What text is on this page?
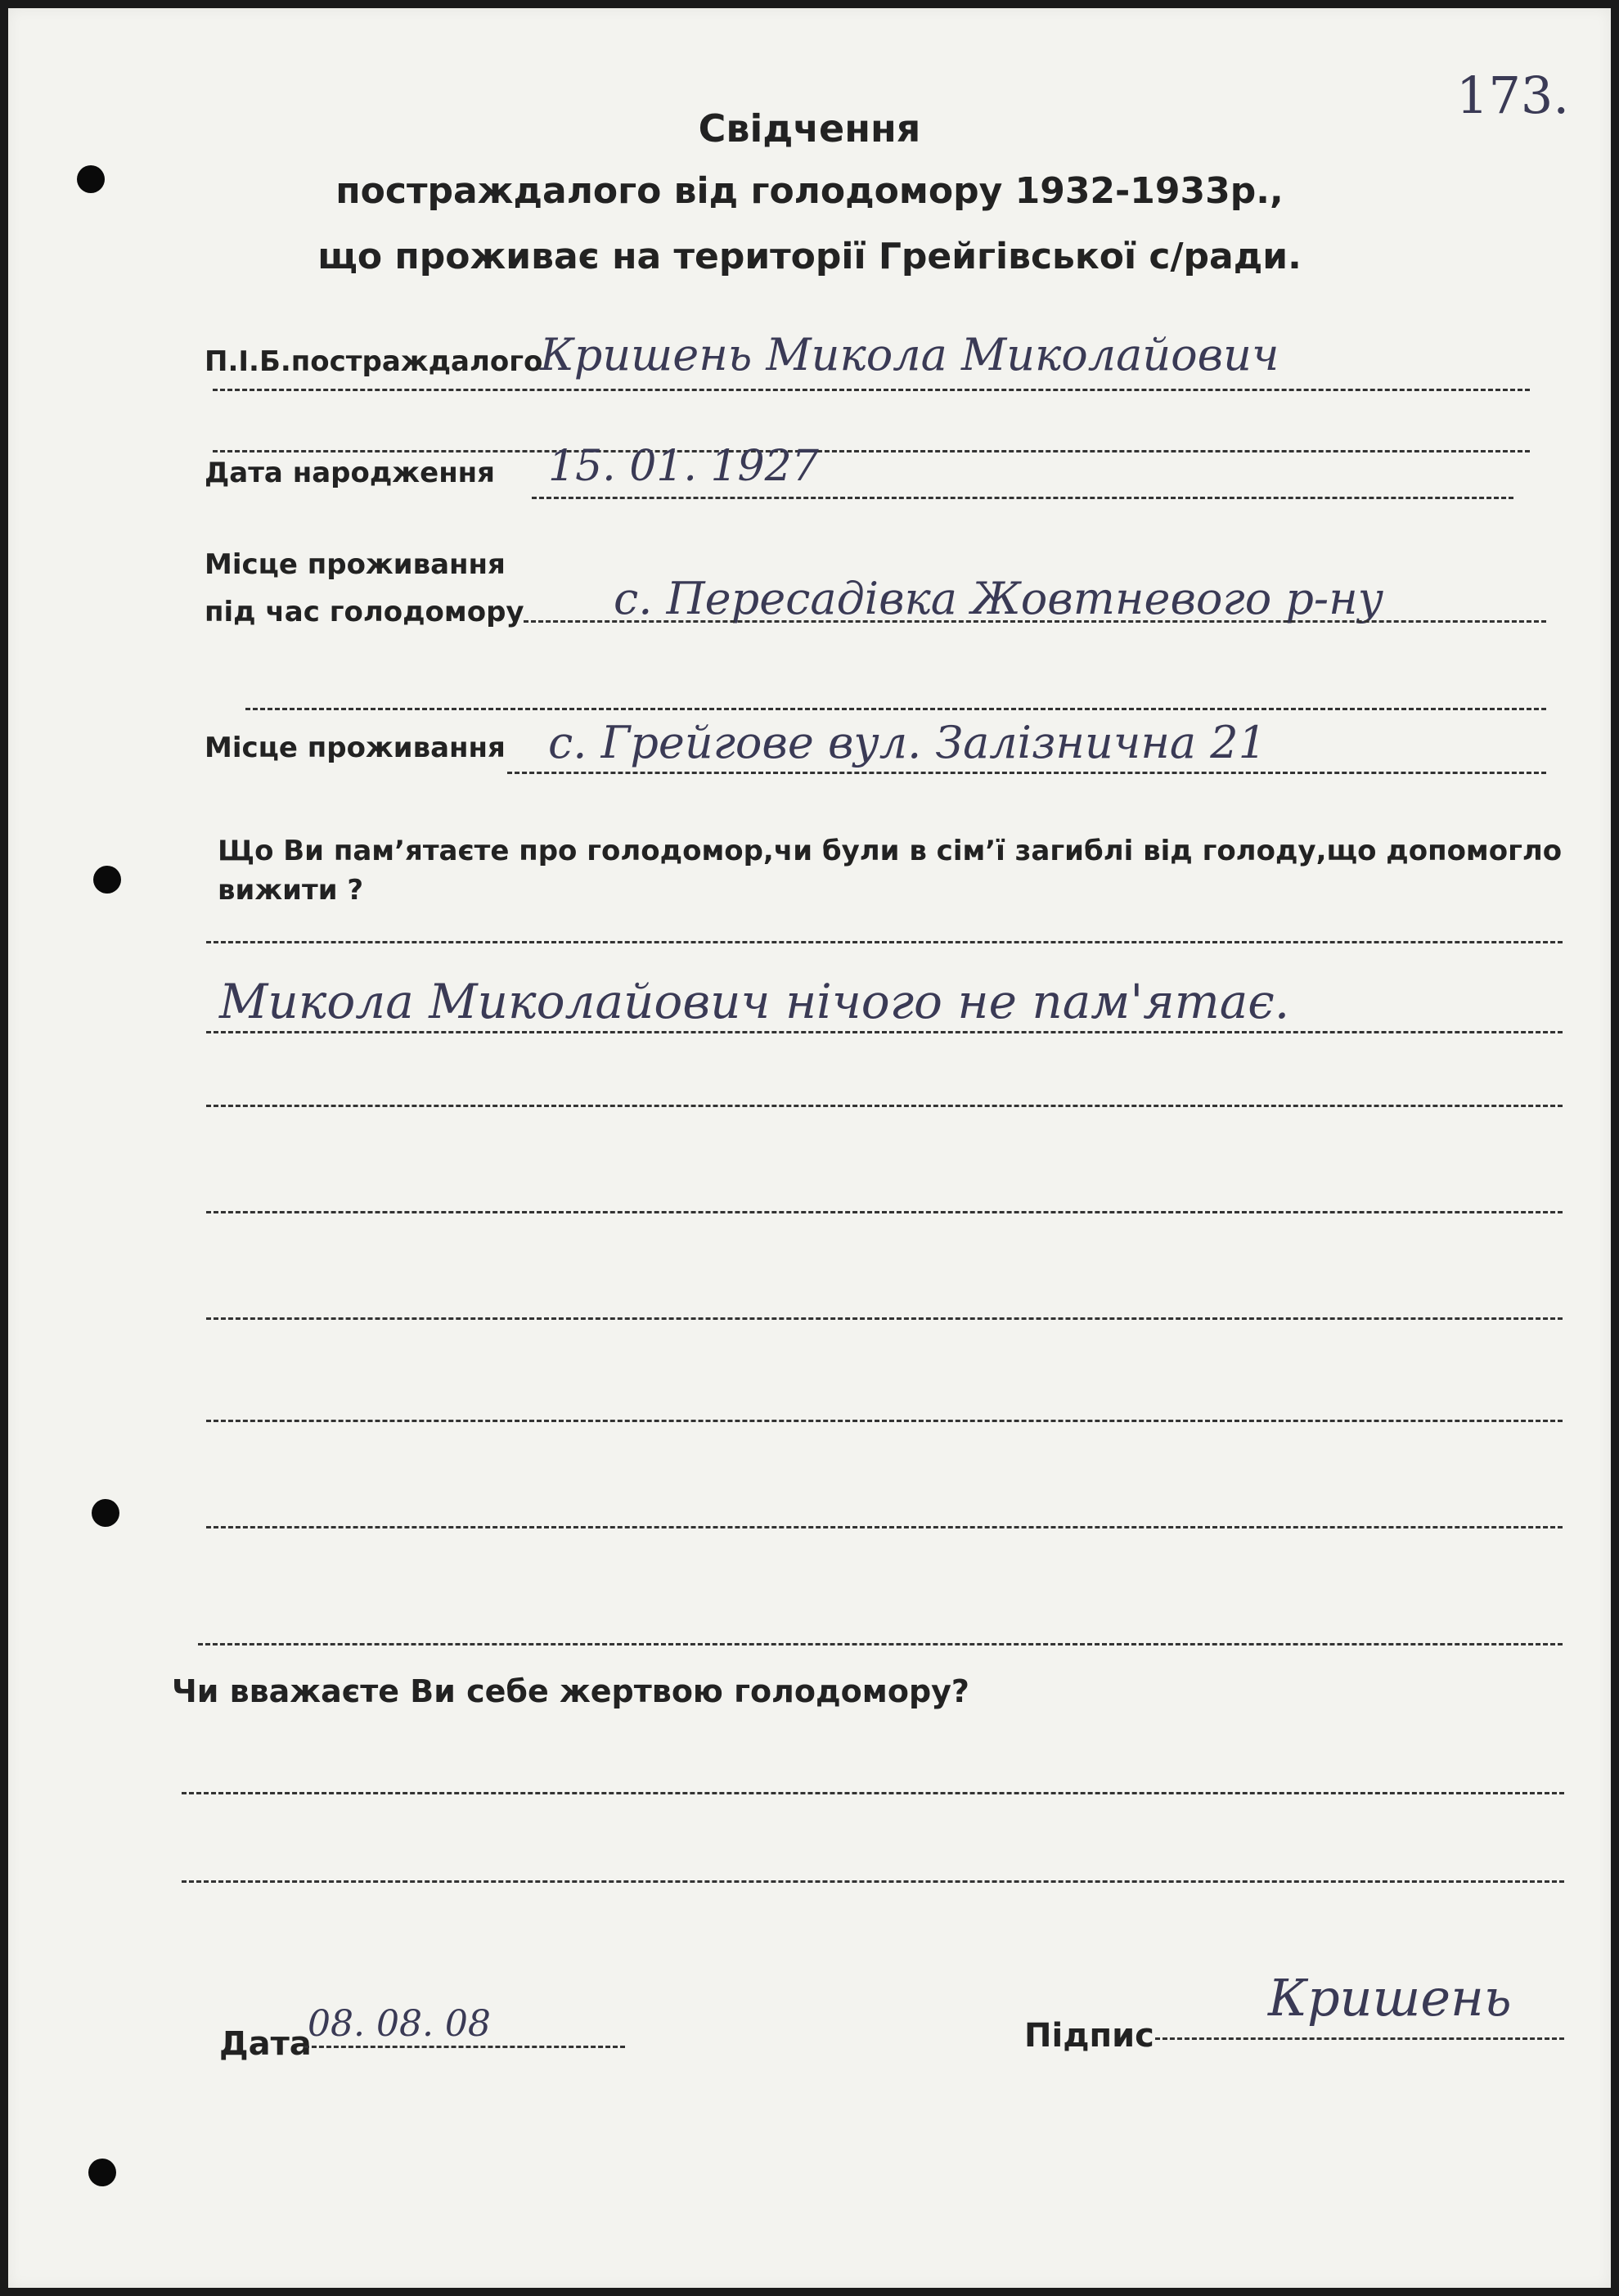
173.
Свідчення
постраждалого від голодомору 1932-1933р.,
що проживає на території Грейгівської с/ради.
П.І.Б.постраждалого
Кришень Микола Миколайович
Дата народження 15. 01. 1927
Місце проживання
під час голодомору с. Пересадівка Жовтневого р-ну
Місце проживання с. Грейгове вул. Залізнична 21
Що Ви пам’ятаєте про голодомор,чи були в сім’ї загиблі від голоду,що допомогло
вижити ?
Микола Миколайович нічого не пам'ятає.
Чи вважаєте Ви себе жертвою голодомору?
Дата
08. 08. 08	Підпис
Кришень
